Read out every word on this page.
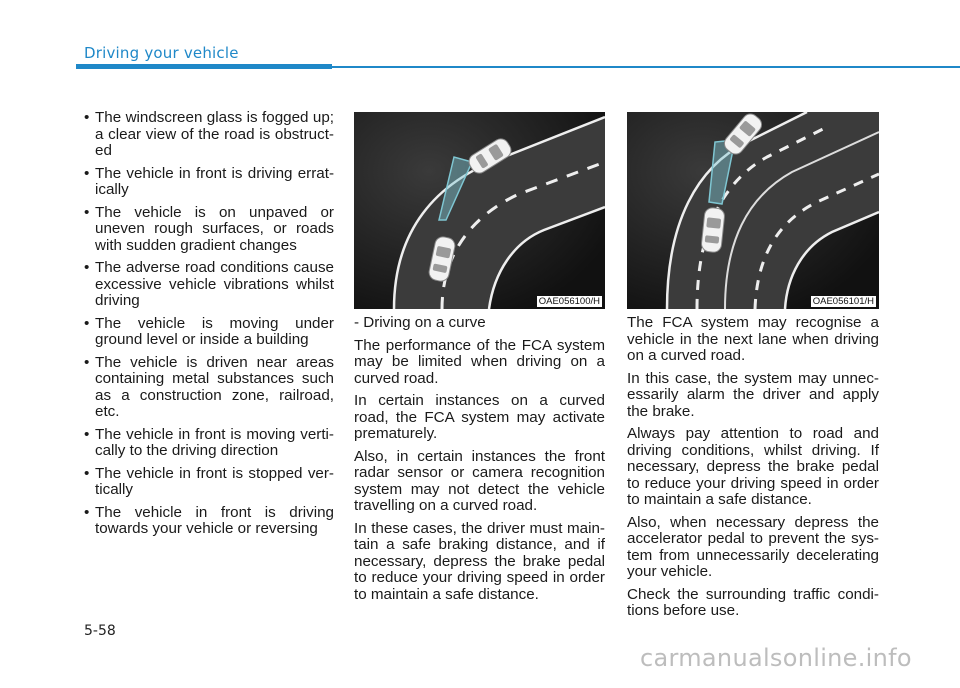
Driving your vehicle
• The windscreen glass is fogged up; a clear view of the road is obstruct- ed
• The vehicle in front is driving errat- ically
• The vehicle is on unpaved or uneven rough surfaces, or roads with sudden gradient changes
• The adverse road conditions cause excessive vehicle vibrations whilst driving
• The vehicle is moving under ground level or inside a building
• The vehicle is driven near areas containing metal substances such as a construction zone, railroad, etc.
• The vehicle in front is moving verti- cally to the driving direction
• The vehicle in front is stopped ver- tically
• The vehicle in front is driving towards your vehicle or reversing
OAE056100/H	OAE056101/H

- Driving on a curve

The performance of the FCA system may be limited when driving on a curved road.

In certain instances on a curved road, the FCA system may activate prematurely.

Also, in certain instances the front radar sensor or camera recognition system may not detect the vehicle travelling on a curved road.

In these cases, the driver must main- tain a safe braking distance, and if necessary, depress the brake pedal to reduce your driving speed in order to maintain a safe distance.

The FCA system may recognise a vehicle in the next lane when driving on a curved road.

In this case, the system may unnec- essarily alarm the driver and apply the brake.

Always pay attention to road and driving conditions, whilst driving. If necessary, depress the brake pedal to reduce your driving speed in order to maintain a safe distance.

Also, when necessary depress the accelerator pedal to prevent the sys- tem from unnecessarily decelerating your vehicle.

Check the surrounding traffic condi- tions before use.

5-58
carmanualsonline.info
